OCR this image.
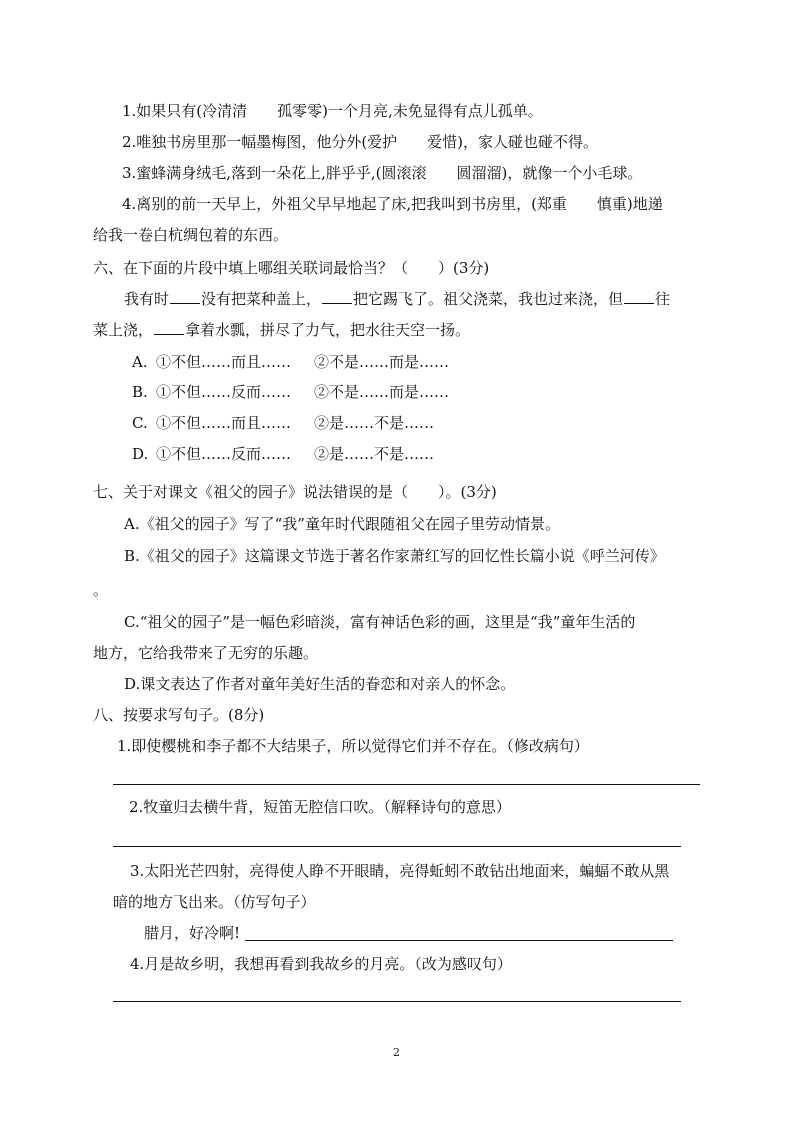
1.如果只有(冷清清　　孤零零)一个月亮,未免显得有点儿孤单。
2.唯独书房里那一幅墨梅图，他分外(爱护　　爱惜)，家人碰也碰不得。
3.蜜蜂满身绒毛,落到一朵花上,胖乎乎,(圆滚滚　　圆溜溜)，就像一个小毛球。
4.离别的前一天早上，外祖父早早地起了床,把我叫到书房里，(郑重　　慎重)地递
给我一卷白杭绸包着的东西。
六、在下面的片段中填上哪组关联词最恰当？（　　）(3分)
我有时 没有把菜种盖上， 把它踢飞了。祖父浇菜，我也过来浇，但 往
菜上浇， 拿着水瓢，拼尽了力气，把水往天空一扬。
A. ①不但……而且…… ②不是……而是……
B. ①不但……反而…… ②不是……而是……
C. ①不但……而且…… ②是……不是……
D. ①不但……反而…… ②是……不是……
七、关于对课文《祖父的园子》说法错误的是（　　）。(3分)
A.《祖父的园子》写了“我”童年时代跟随祖父在园子里劳动情景。
B.《祖父的园子》这篇课文节选于著名作家萧红写的回忆性长篇小说《呼兰河传》
。
C.“祖父的园子”是一幅色彩暗淡，富有神话色彩的画，这里是“我”童年生活的
地方，它给我带来了无穷的乐趣。
D.课文表达了作者对童年美好生活的眷恋和对亲人的怀念。
八、按要求写句子。(8分)
1.即使樱桃和李子都不大结果子，所以觉得它们并不存在。（修改病句）
2.牧童归去横牛背，短笛无腔信口吹。（解释诗句的意思）
3.太阳光芒四射，亮得使人睁不开眼睛，亮得蚯蚓不敢钻出地面来，蝙蝠不敢从黑
暗的地方飞出来。（仿写句子）
腊月，好冷啊!
4.月是故乡明，我想再看到我故乡的月亮。（改为感叹句）
2
